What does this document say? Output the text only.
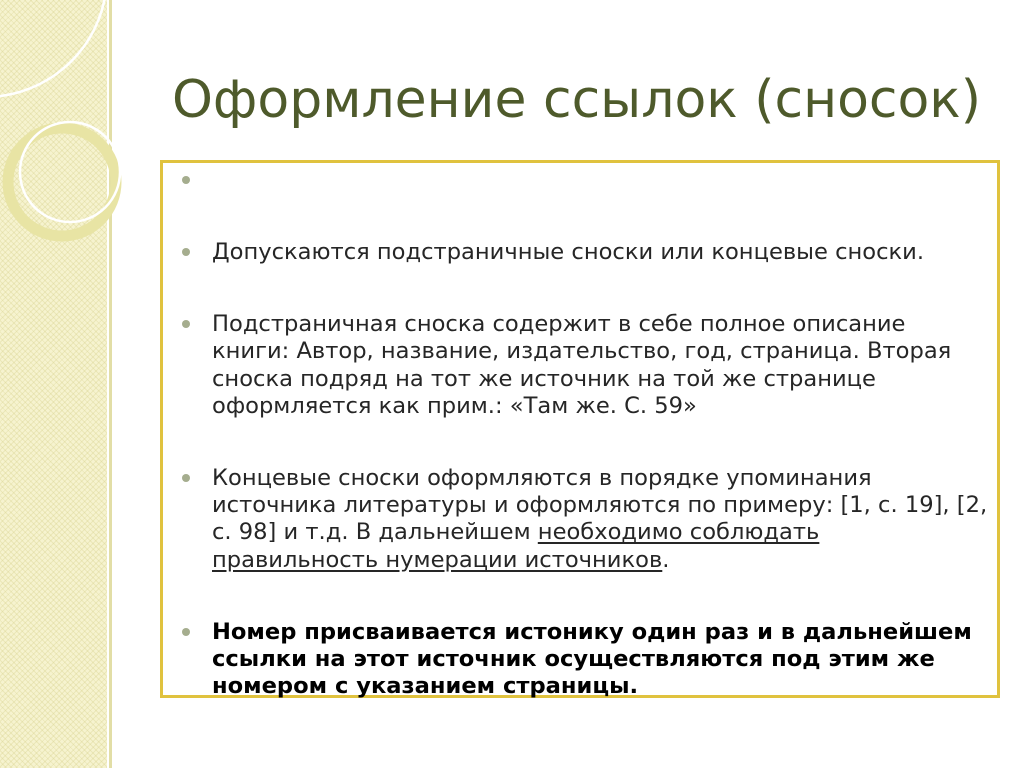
Оформление ссылок (сносок)
Допускаются подстраничные сноски или концевые сноски.
Подстраничная сноска содержит в себе полное описание
книги: Автор, название, издательство, год, страница. Вторая
сноска подряд на тот же источник на той же странице
оформляется как прим.: «Там же. С. 59»
Концевые сноски оформляются в порядке упоминания
источника литературы и оформляются по примеру: [1, с. 19], [2,
с. 98] и т.д. В дальнейшем необходимо соблюдать
правильность нумерации источников.
Номер присваивается истонику один раз и в дальнейшем
ссылки на этот источник осуществляются под этим же
номером с указанием страницы.
